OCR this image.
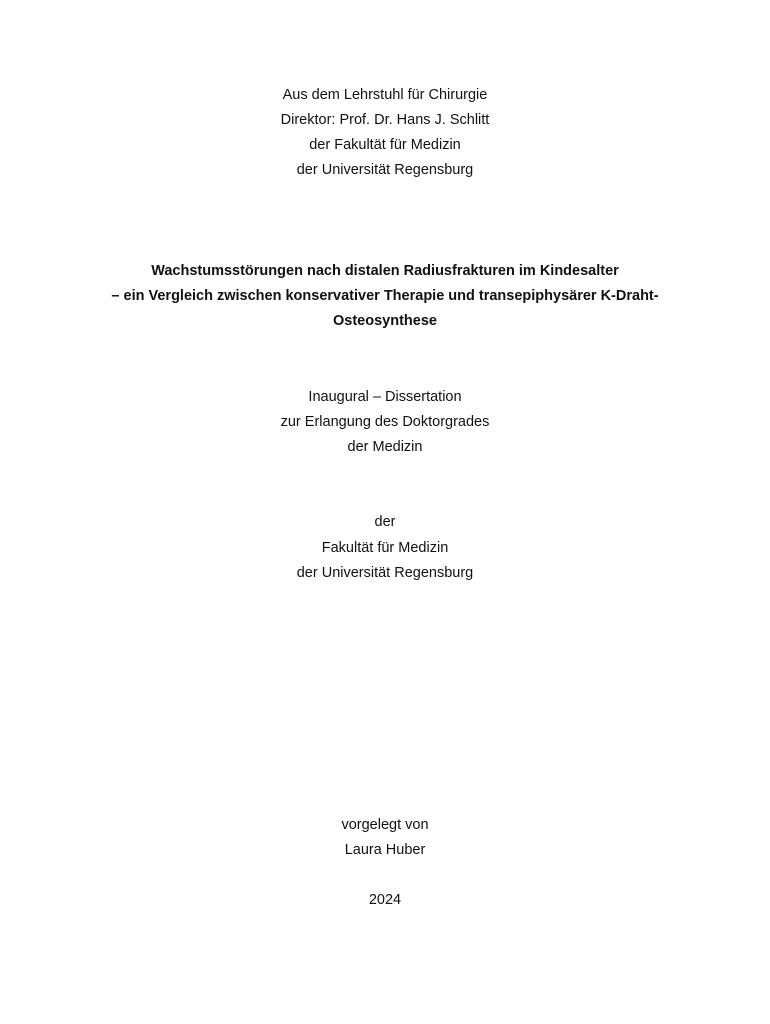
Aus dem Lehrstuhl für Chirurgie
Direktor: Prof. Dr. Hans J. Schlitt
der Fakultät für Medizin
der Universität Regensburg
Wachstumsstörungen nach distalen Radiusfrakturen im Kindesalter
– ein Vergleich zwischen konservativer Therapie und transepiphysärer K-Draht-
Osteosynthese
Inaugural – Dissertation
zur Erlangung des Doktorgrades
der Medizin
der
Fakultät für Medizin
der Universität Regensburg
vorgelegt von
Laura Huber
2024
